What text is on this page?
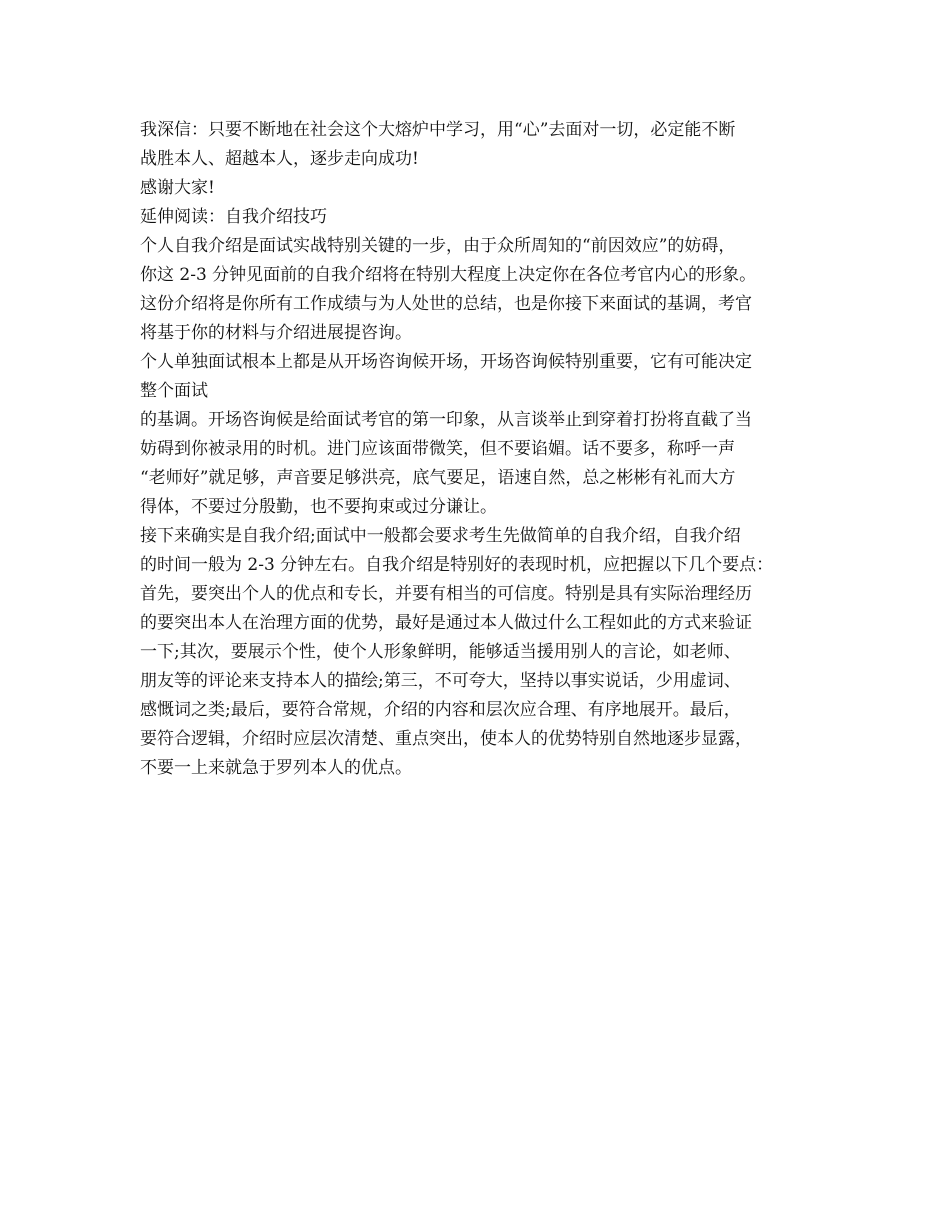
我深信：只要不断地在社会这个大熔炉中学习，用“心”去面对一切，必定能不断
战胜本人、超越本人，逐步走向成功!
感谢大家!
延伸阅读：自我介绍技巧
个人自我介绍是面试实战特别关键的一步，由于众所周知的“前因效应”的妨碍，
你这 2-3 分钟见面前的自我介绍将在特别大程度上决定你在各位考官内心的形象。
这份介绍将是你所有工作成绩与为人处世的总结，也是你接下来面试的基调，考官
将基于你的材料与介绍进展提咨询。
个人单独面试根本上都是从开场咨询候开场，开场咨询候特别重要，它有可能决定
整个面试
的基调。开场咨询候是给面试考官的第一印象，从言谈举止到穿着打扮将直截了当
妨碍到你被录用的时机。进门应该面带微笑，但不要谄媚。话不要多，称呼一声
“老师好”就足够，声音要足够洪亮，底气要足，语速自然，总之彬彬有礼而大方
得体，不要过分殷勤，也不要拘束或过分谦让。
接下来确实是自我介绍;面试中一般都会要求考生先做简单的自我介绍，自我介绍
的时间一般为 2-3 分钟左右。自我介绍是特别好的表现时机，应把握以下几个要点：
首先，要突出个人的优点和专长，并要有相当的可信度。特别是具有实际治理经历
的要突出本人在治理方面的优势，最好是通过本人做过什么工程如此的方式来验证
一下;其次，要展示个性，使个人形象鲜明，能够适当援用别人的言论，如老师、
朋友等的评论来支持本人的描绘;第三，不可夸大，坚持以事实说话，少用虚词、
感慨词之类;最后，要符合常规，介绍的内容和层次应合理、有序地展开。最后，
要符合逻辑，介绍时应层次清楚、重点突出，使本人的优势特别自然地逐步显露，
不要一上来就急于罗列本人的优点。
